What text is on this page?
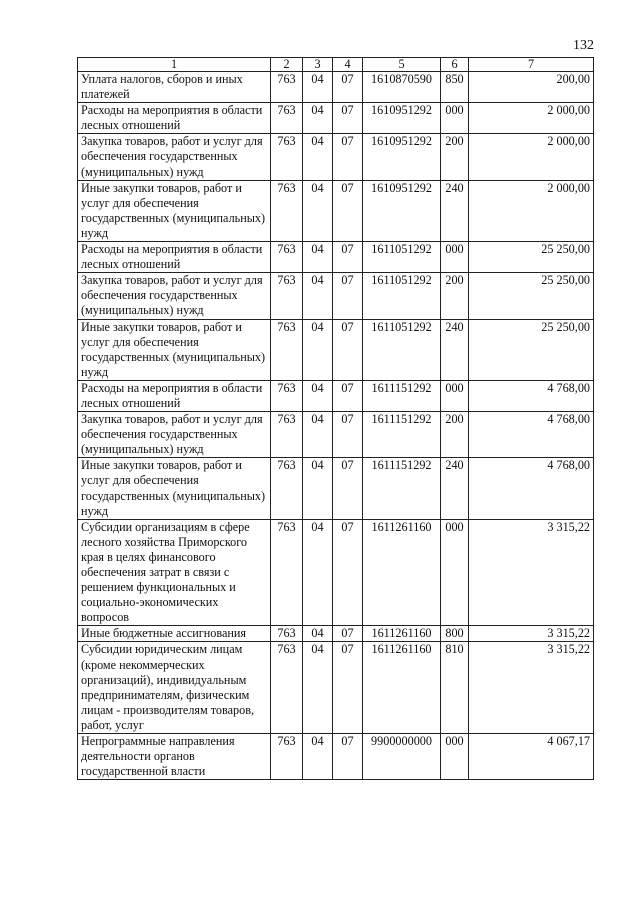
132
1	2	3	4	5	6	7
Уплата налогов, сборов и иных платежей	763	04	07	1610870590	850	200,00
Расходы на мероприятия в области лесных отношений	763	04	07	1610951292	000	2 000,00
Закупка товаров, работ и услуг для обеспечения государственных (муниципальных) нужд	763	04	07	1610951292	200	2 000,00
Иные закупки товаров, работ и услуг для обеспечения государственных (муниципальных) нужд	763	04	07	1610951292	240	2 000,00
Расходы на мероприятия в области лесных отношений	763	04	07	1611051292	000	25 250,00
Закупка товаров, работ и услуг для обеспечения государственных (муниципальных) нужд	763	04	07	1611051292	200	25 250,00
Иные закупки товаров, работ и услуг для обеспечения государственных (муниципальных) нужд	763	04	07	1611051292	240	25 250,00
Расходы на мероприятия в области лесных отношений	763	04	07	1611151292	000	4 768,00
Закупка товаров, работ и услуг для обеспечения государственных (муниципальных) нужд	763	04	07	1611151292	200	4 768,00
Иные закупки товаров, работ и услуг для обеспечения государственных (муниципальных) нужд	763	04	07	1611151292	240	4 768,00
Субсидии организациям в сфере лесного хозяйства Приморского края в целях финансового обеспечения затрат в связи с решением функциональных и социально-экономических вопросов	763	04	07	1611261160	000	3 315,22
Иные бюджетные ассигнования	763	04	07	1611261160	800	3 315,22
Субсидии юридическим лицам (кроме некоммерческих организаций), индивидуальным предпринимателям, физическим лицам - производителям товаров, работ, услуг	763	04	07	1611261160	810	3 315,22
Непрограммные направления деятельности органов государственной власти	763	04	07	9900000000	000	4 067,17
